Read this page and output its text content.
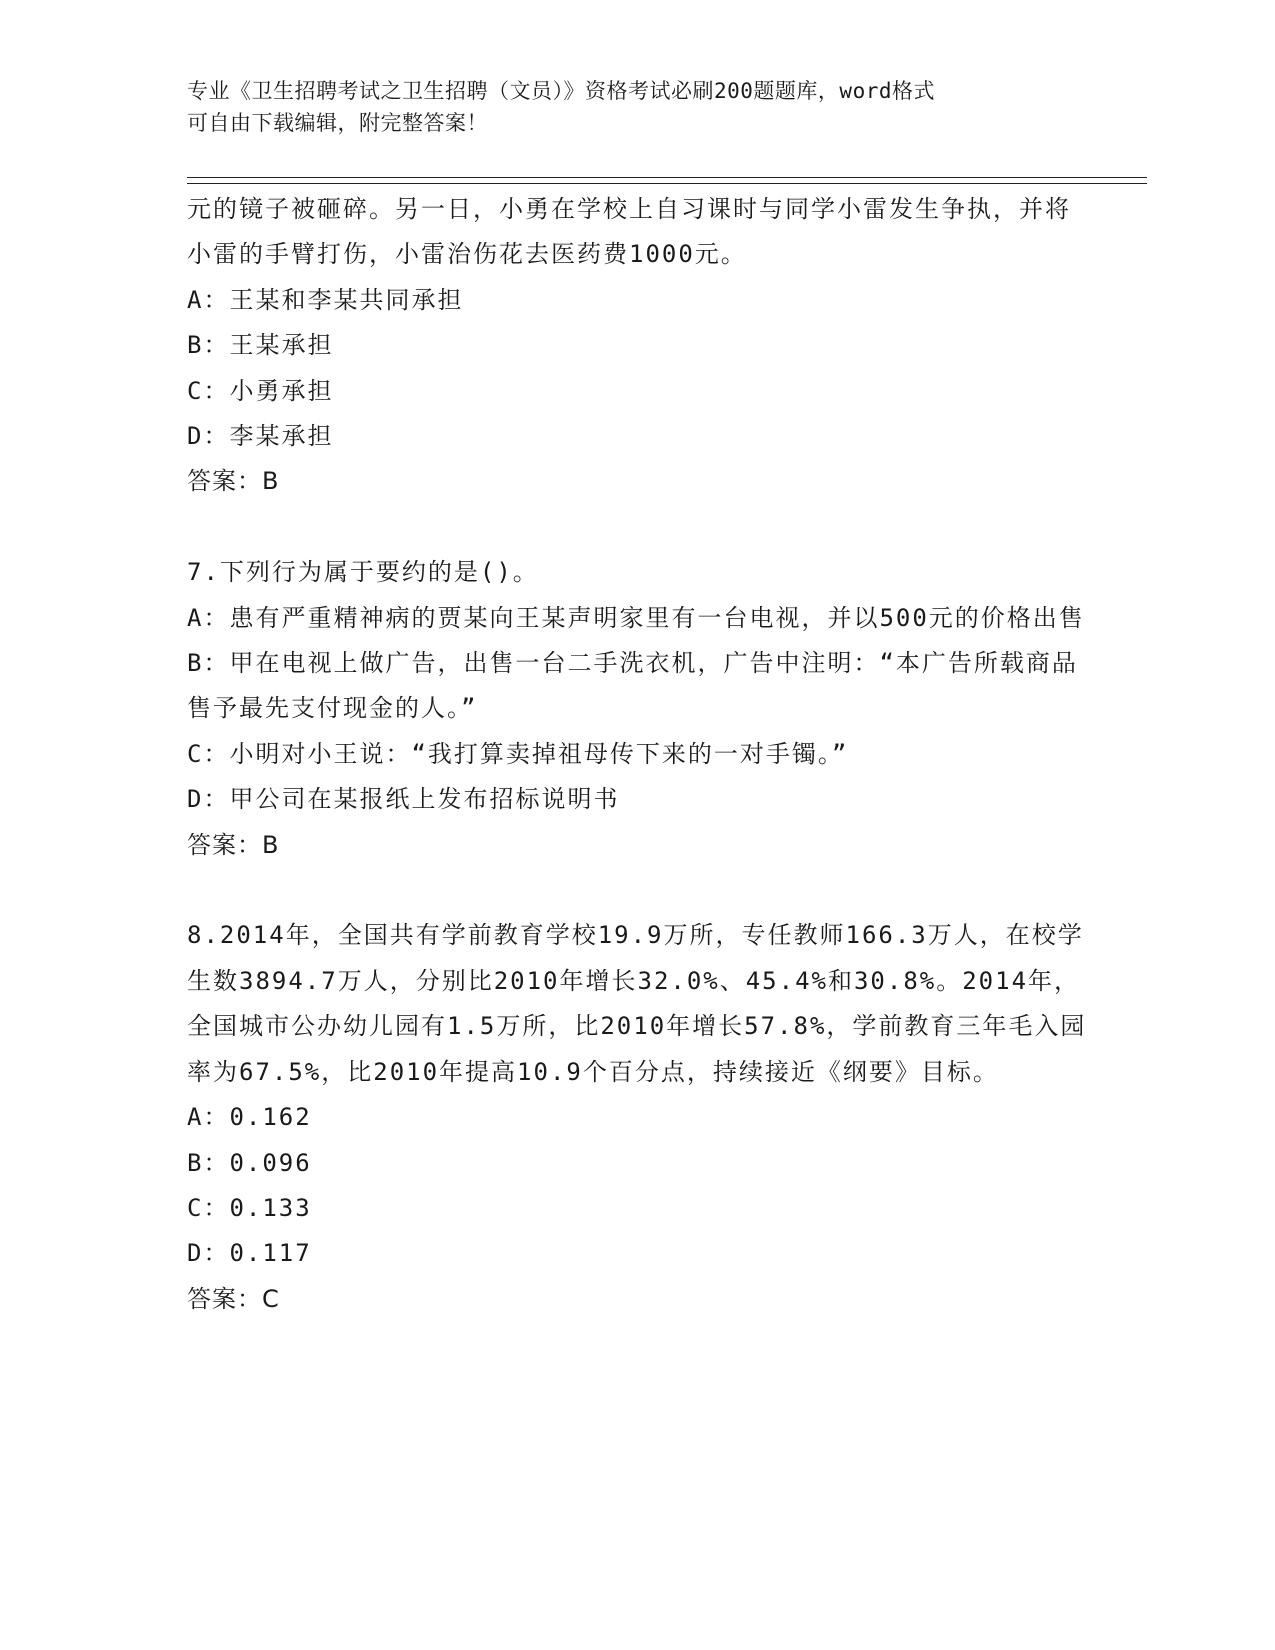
专业《卫生招聘考试之卫生招聘（文员）》资格考试必刷200题题库，word格式
可自由下载编辑，附完整答案！

元的镜子被砸碎。另一日，小勇在学校上自习课时与同学小雷发生争执，并将小雷的手臂打伤，小雷治伤花去医药费1000元。

A：王某和李某共同承担

B：王某承担

C：小勇承担

D：李某承担

答案：B

7.下列行为属于要约的是()。

A：患有严重精神病的贾某向王某声明家里有一台电视，并以500元的价格出售

B：甲在电视上做广告，出售一台二手洗衣机，广告中注明：“本广告所载商品售予最先支付现金的人。”

C：小明对小王说：“我打算卖掉祖母传下来的一对手镯。”

D：甲公司在某报纸上发布招标说明书

答案：B

8.2014年，全国共有学前教育学校19.9万所，专任教师166.3万人，在校学生数3894.7万人，分别比2010年增长32.0%、45.4%和30.8%。2014年，全国城市公办幼儿园有1.5万所，比2010年增长57.8%，学前教育三年毛入园率为67.5%，比2010年提高10.9个百分点，持续接近《纲要》目标。

A：0.162

B：0.096

C：0.133

D：0.117

答案：C
